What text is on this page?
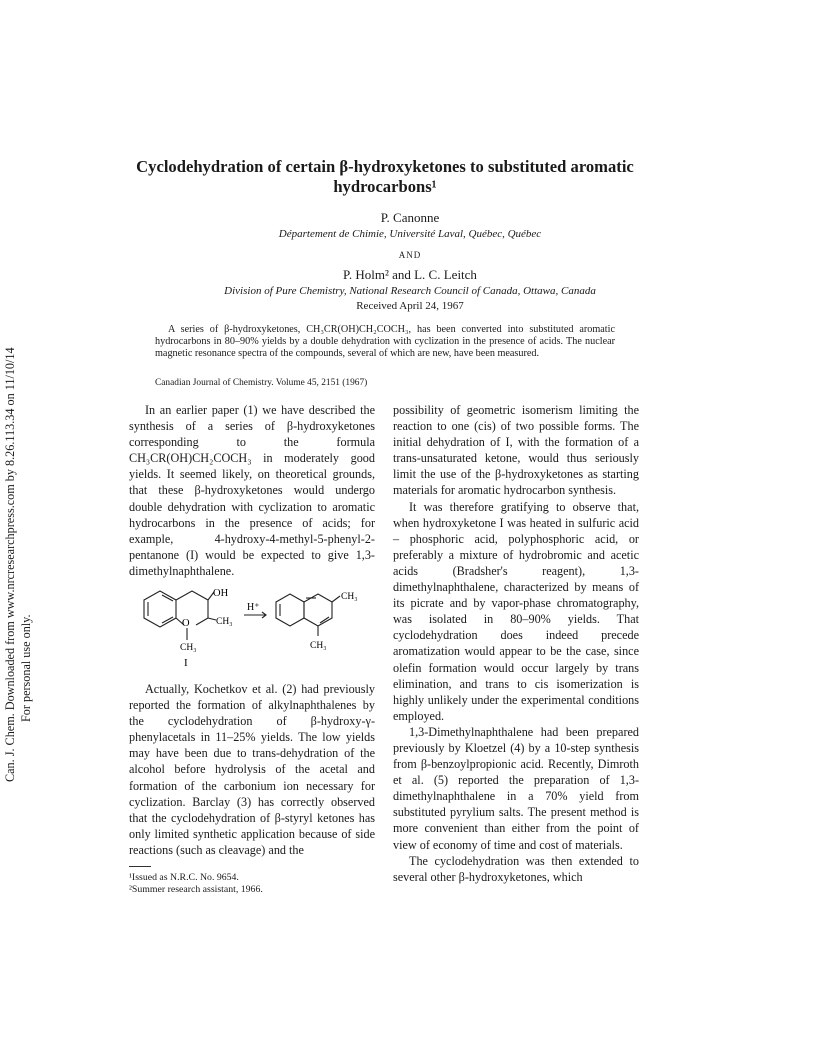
Can. J. Chem. Downloaded from www.nrcresearchpress.com by 8.26.113.34 on 11/10/14 For personal use only.
Cyclodehydration of certain β-hydroxyketones to substituted aromatic hydrocarbons¹
P. Canonne
Département de Chimie, Université Laval, Québec, Québec
AND
P. Holm² and L. C. Leitch
Division of Pure Chemistry, National Research Council of Canada, Ottawa, Canada
Received April 24, 1967
A series of β-hydroxyketones, CH₃CR(OH)CH₂COCH₃, has been converted into substituted aromatic hydrocarbons in 80–90% yields by a double dehydration with cyclization in the presence of acids. The nuclear magnetic resonance spectra of the compounds, several of which are new, have been measured.
Canadian Journal of Chemistry. Volume 45, 2151 (1967)

In an earlier paper (1) we have described the synthesis of a series of β-hydroxyketones corresponding to the formula CH₃CR(OH)CH₂COCH₃ in moderately good yields. It seemed likely, on theoretical grounds, that these β-hydroxyketones would undergo double dehydration with cyclization to aromatic hydrocarbons in the presence of acids; for example, 4-hydroxy-4-methyl-5-phenyl-2-pentanone (I) would be expected to give 1,3-dimethylnaphthalene.

OH
CH₃
O
CH₃
H⁺
CH₃
CH₃
I

Actually, Kochetkov et al. (2) had previously reported the formation of alkylnaphthalenes by the cyclodehydration of β-hydroxy-γ-phenylacetals in 11–25% yields. The low yields may have been due to trans-dehydration of the alcohol before hydrolysis of the acetal and formation of the carbonium ion necessary for cyclization. Barclay (3) has correctly observed that the cyclodehydration of β-styryl ketones has only limited synthetic application because of side reactions (such as cleavage) and the

¹Issued as N.R.C. No. 9654.
²Summer research assistant, 1966.

possibility of geometric isomerism limiting the reaction to one (cis) of two possible forms. The initial dehydration of I, with the formation of a trans-unsaturated ketone, would thus seriously limit the use of the β-hydroxyketones as starting materials for aromatic hydrocarbon synthesis.

It was therefore gratifying to observe that, when hydroxyketone I was heated in sulfuric acid – phosphoric acid, polyphosphoric acid, or preferably a mixture of hydrobromic and acetic acids (Bradsher's reagent), 1,3-dimethylnaphthalene, characterized by means of its picrate and by vapor-phase chromatography, was isolated in 80–90% yields. That cyclodehydration does indeed precede aromatization would appear to be the case, since olefin formation would occur largely by trans elimination, and trans to cis isomerization is highly unlikely under the experimental conditions employed.

1,3-Dimethylnaphthalene had been prepared previously by Kloetzel (4) by a 10-step synthesis from β-benzoylpropionic acid. Recently, Dimroth et al. (5) reported the preparation of 1,3-dimethylnaphthalene in a 70% yield from substituted pyrylium salts. The present method is more convenient than either from the point of view of economy of time and cost of materials.

The cyclodehydration was then extended to several other β-hydroxyketones, which
